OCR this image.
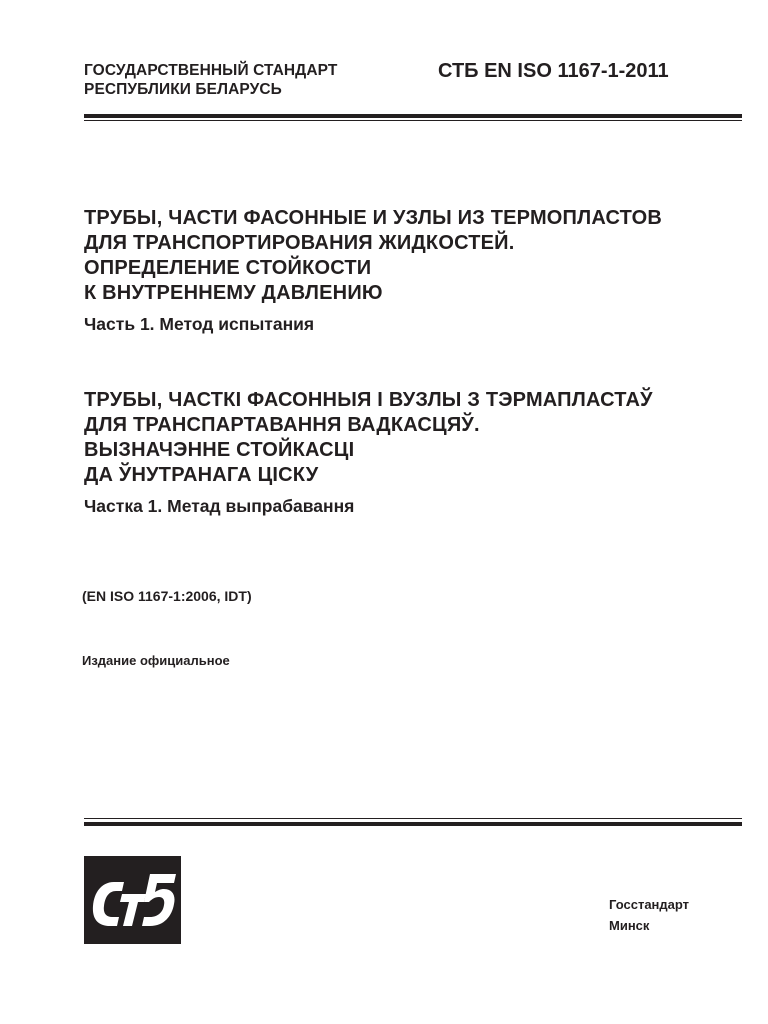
ГОСУДАРСТВЕННЫЙ СТАНДАРТ
РЕСПУБЛИКИ БЕЛАРУСЬ
СТБ EN ISO 1167-1-2011
ТРУБЫ, ЧАСТИ ФАСОННЫЕ И УЗЛЫ ИЗ ТЕРМОПЛАСТОВ
ДЛЯ ТРАНСПОРТИРОВАНИЯ ЖИДКОСТЕЙ.
ОПРЕДЕЛЕНИЕ СТОЙКОСТИ
К ВНУТРЕННЕМУ ДАВЛЕНИЮ
Часть 1. Метод испытания
ТРУБЫ, ЧАСТКІ ФАСОННЫЯ І ВУЗЛЫ З ТЭРМАПЛАСТАЎ
ДЛЯ ТРАНСПАРТАВАННЯ ВАДКАСЦЯЎ.
ВЫЗНАЧЭННЕ СТОЙКАСЦІ
ДА ЎНУТРАНАГА ЦІСКУ
Частка 1. Метад выпрабавання
(EN ISO 1167-1:2006, IDT)
Издание официальное
Госстандарт
Минск
